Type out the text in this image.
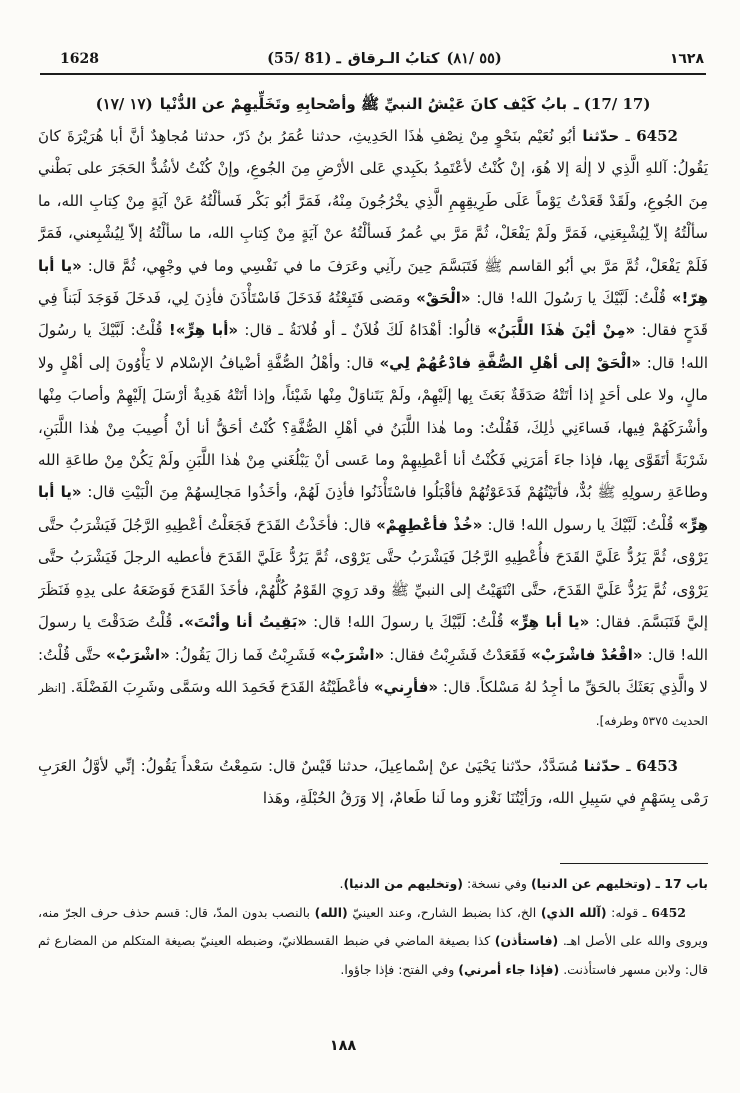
1628	(55/ 81) ـ كتابُ الـرقاق (٨١/ ٥٥)	١٦٢٨
(١٧/ ١٧) بابُ كَيْف كانَ عَيْشُ النبيِّ ﷺ وأصْحابِهِ وتَخَلِّيهِمْ عن الدُّنْيا ـ (17/ 17)

6452 ـ حدّثنا أبُو نُعَيْم بنَحْوٍ مِنْ نِصْفِ هٰذَا الحَدِيثِ، حدثنا عُمَرُ بنُ ذَرّ، حدثنا مُجاهِدٌ أنَّ أبا هُرَيْرَةَ كانَ يَقُولُ: آللهِ الَّذِي لا إلٰهَ إلا هُوَ، إنْ كُنْتُ لأعْتَمِدُ بكَبِدي عَلى الأرْضِ مِنَ الجُوعِ، وإنْ كُنْتُ لأشُدُّ الحَجَرَ على بَطْني مِنَ الجُوعِ، ولَقَدْ قَعَدْتُ يَوْماً عَلَى طَرِيقِهِمِ الَّذِي يخْرُجُونَ مِنْهُ، فَمَرَّ أبُو بَكْر فَسألْتُهُ عَنْ آيَةٍ مِنْ كِتابِ الله، ما سألْتُهُ إلاّ لِيُشْبِعَنِي، فَمَرَّ ولَمْ يَفْعَلْ، ثُمَّ مَرَّ بي عُمرُ فَسألْتُهُ عنْ آيَةٍ مِنْ كِتابِ الله، ما سألْتُهُ إلاّ لِيُشْبِعني، فَمَرَّ فَلَمْ يَفْعَلْ، ثُمَّ مَرَّ بي أبُو القاسم ﷺ فَتَبَسَّمَ حِينَ رآنِي وعَرَفَ ما في نَفْسِي وما في وجْهِي، ثُمَّ قال: «يا أبا هِرّ!» قُلْتُ: لَبَّيْكَ يا رَسُولَ الله! قال: «الْحَقْ» ومَضى فَتَبِعْتُهُ فَدَخَلَ فَاسْتَأْذَنَ فأذِنَ لِي، فَدخَلَ فَوَجَدَ لَبَناً فِي قَدَحٍ فقال: «مِنْ أيْنَ هٰذَا اللَّبَنُ» قالُوا: أهْدَاهُ لَكَ فُلاَنٌ ـ أو فُلانَةُ ـ قال: «أبا هِرٍّ»! قُلْتُ: لَبَّيْكَ يا رسُولَ الله! قال: «الْحَقْ إلى أهْلِ الصُّفَّةِ فادْعُهُمْ لِي» قال: وأهْلُ الصُّفَّةِ أضْيافُ الإسْلام لا يَأْوُونَ إلى أهْلٍ ولا مالٍ، ولا على أحَدٍ إذا أتَتْهُ صَدَقَةٌ بَعَثَ بِها إلَيْهِمْ، ولَمْ يَتَناوَلْ مِنْها شَيْئاً، وإذا أتَتْهُ هَدِيةٌ أرْسَلَ إلَيْهِمْ وأصابَ مِنْها وأشْرَكَهُمْ فِيها، فَساءَنِي ذٰلِكَ، فَقُلْتُ: وما هٰذا اللَّبَنُ في أهْلِ الصُّفَّةِ؟ كُنْتُ أحَقُّ أنا أنْ أُصِيبَ مِنْ هٰذا اللَّبَنِ، شَرْبَةً أتَقَوَّى بِها، فإذا جاءَ أمَرَنِي فَكُنْتُ أنا أعْطِيهِمْ وما عَسى أنْ يَبْلُغَني مِنْ هٰذا اللَّبَنِ ولَمْ يَكُنْ مِنْ طاعَةِ الله وطاعَةِ رسولِهِ ﷺ بُدٌّ، فأتَيْتُهُمْ فَدَعَوْتُهُمْ فأقْبَلُوا فاسْتَأْذَنُوا فأذِنَ لَهُمْ، وأخَذُوا مَجالِسهُمْ مِنَ الْبَيْتِ قال: «يا أبا هِرٍّ» قُلْتُ: لَبَّيْكَ يا رسول الله! قال: «خُذْ فأعْطِهِمْ» قال: فأخَذْتُ القَدَحَ فَجَعَلْتُ أعْطِيهِ الرَّجُلَ فَيَشْرَبُ حتَّى يَرْوْى، ثُمَّ يَرُدُّ عَلَيَّ القَدَحَ فأُعْطِيهِ الرَّجُلَ فَيَشْرَبُ حتَّى يَرْوْى، ثُمَّ يَرُدُّ عَلَيَّ القَدَحَ فأعطيه الرجلَ فَيَشْرَبُ حتَّى يَرْوْى، ثُمَّ يَرُدُّ عَلَيَّ القَدَحَ، حتَّى انْتَهَيْتُ إلى النبيِّ ﷺ وقد رَوِيَ القَوْمُ كُلُّهُمْ، فأخَذَ القَدَحَ فَوَضَعَهُ على يدِهِ فَنَظَرَ إليَّ فَتَبَسَّمَ. فقال: «يا أبا هِرٍّ» قُلْتُ: لَبَّيْكَ يا رسولَ الله! قال: «بَقِيتُ أنا وأنْتَ». قُلْتُ صَدَقْتَ يا رسولَ الله! قال: «اقْعُدْ فاشْرَبْ» فَقَعَدْتُ فَشَرِبْتُ فقال: «اشْرَبْ» فَشَرِبْتُ فَما زالَ يَقُولُ: «اشْرَبْ» حتَّى قُلْتُ: لا والَّذِي بَعَثَكَ بالحَقِّ ما أجِدُ لهُ مَسْلكاً. قال: «فأرِني» فأعْطَيْتُهُ القَدَحَ فَحَمِدَ الله وسَمَّى وشَرِبَ الفَضْلَةَ. [انظر الحديث ٥٣٧٥ وطرفه].

6453 ـ حدّثنا مُسَدَّدٌ، حدّثنا يَحْيَىٰ عنْ إسْماعِيلَ، حدثنا قَيْسٌ قال: سَمِعْتُ سَعْداً يَقُولُ: إنِّي لأوَّلُ العَرَبِ رَمْى بِسَهْمٍ في سَبِيلِ الله، ورَأيْتُنَا نَغْزو وما لَنا طَعامٌ، إلا وَرَقُ الحُبْلَةِ، وهَذا

باب 17 ـ (وتخليهم عن الدنيا) وفي نسخة: (وتخليهم من الدنيا).

6452 ـ قوله: (آلله الذي) الخ، كذا بضبط الشارح، وعند العينيّ (الله) بالنصب بدون المدّ، قال: قسم حذف حرف الجرّ منه، ويروى والله على الأصل اهـ. (فاستأذن) كذا بصيغة الماضي في ضبط القسطلانيّ، وضبطه العينيّ بصيغة المتكلم من المضارع ثم قال: ولابن مسهر فاستأذنت. (فإذا جاء أمرني) وفي الفتح: فإذا جاؤوا.

١٨٨
